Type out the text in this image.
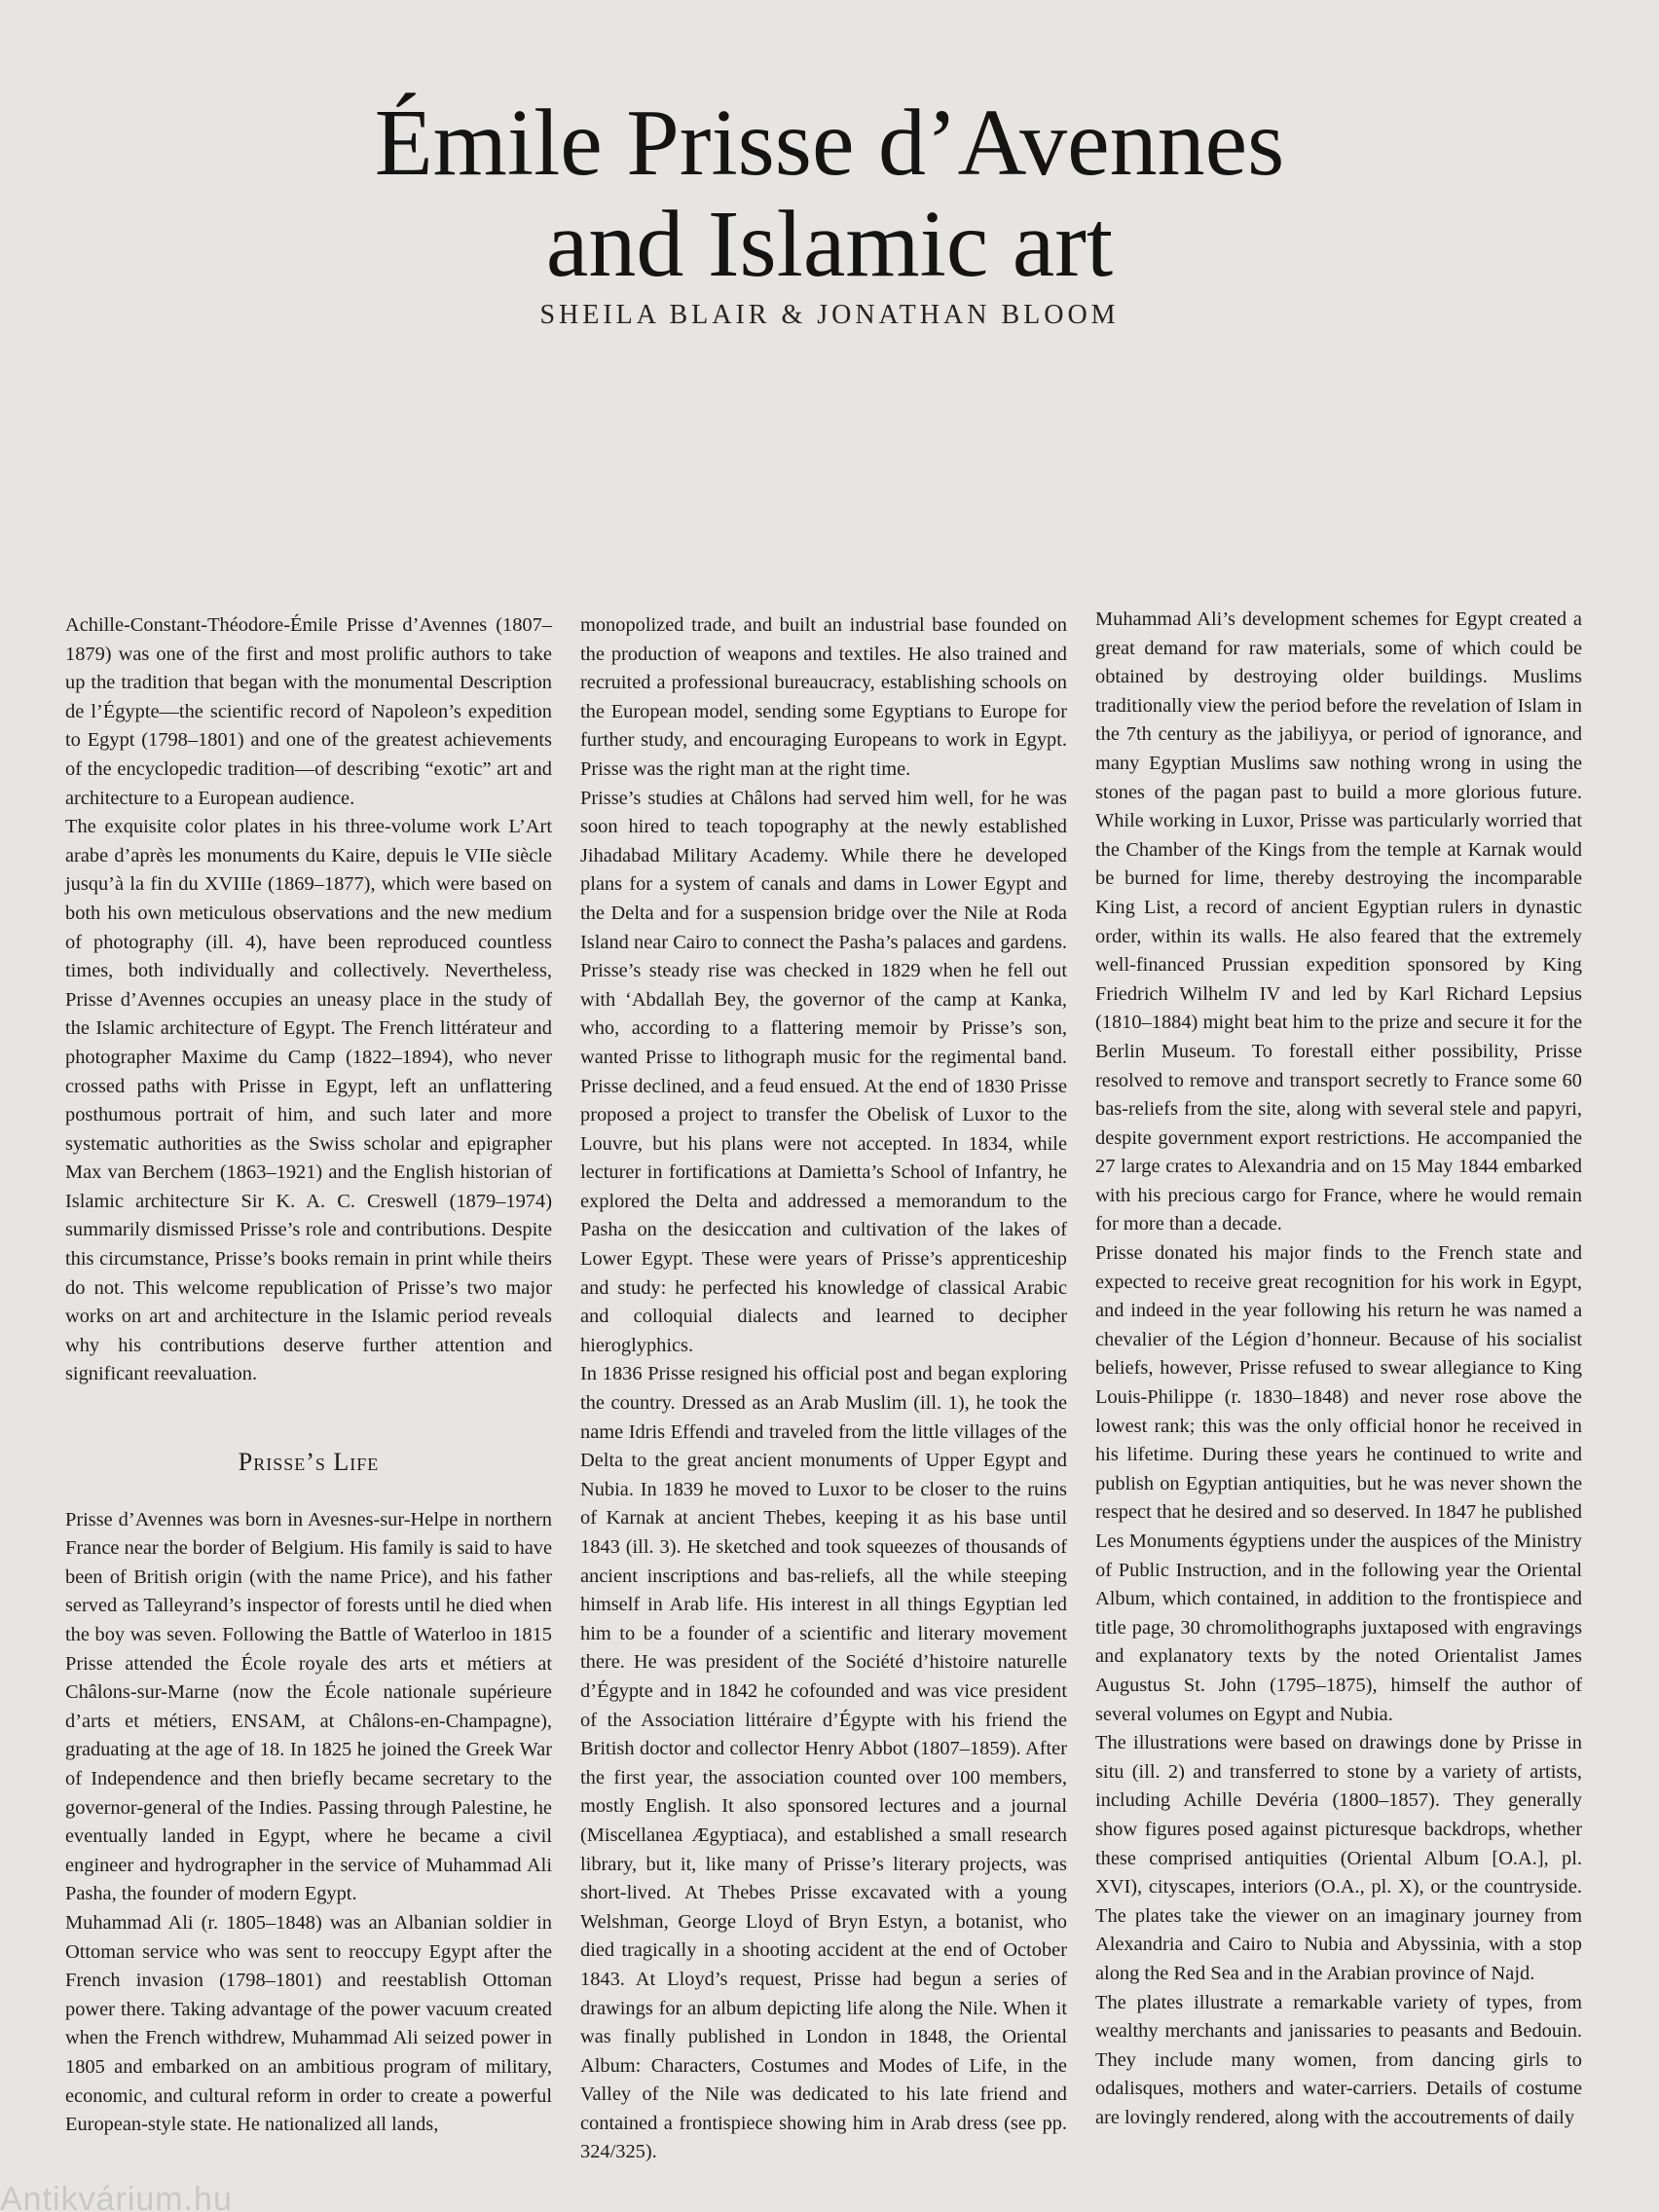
Émile Prisse d’Avennes
and Islamic art
SHEILA BLAIR & JONATHAN BLOOM

Achille-Constant-Théodore-Émile Prisse d’Avennes (1807–1879) was one of the first and most prolific authors to take up the tradition that began with the monumental Description de l’Égypte—the scientific record of Napoleon’s expedition to Egypt (1798–1801) and one of the greatest achievements of the encyclopedic tradition—of describing “exotic” art and architecture to a European audience.

The exquisite color plates in his three-volume work L’Art arabe d’après les monuments du Kaire, depuis le VIIe siècle jusqu’à la fin du XVIIIe (1869–1877), which were based on both his own meticulous observations and the new medium of photography (ill. 4), have been reproduced countless times, both individually and collectively. Nevertheless, Prisse d’Avennes occupies an uneasy place in the study of the Islamic architecture of Egypt. The French littérateur and photographer Maxime du Camp (1822–1894), who never crossed paths with Prisse in Egypt, left an unflattering posthumous portrait of him, and such later and more systematic authorities as the Swiss scholar and epigrapher Max van Berchem (1863–1921) and the English historian of Islamic architecture Sir K. A. C. Creswell (1879–1974) summarily dismissed Prisse’s role and contributions. Despite this circumstance, Prisse’s books remain in print while theirs do not. This welcome republication of Prisse’s two major works on art and architecture in the Islamic period reveals why his contributions deserve further attention and significant reevaluation.

Prisse’s Life

Prisse d’Avennes was born in Avesnes-sur-Helpe in northern France near the border of Belgium. His family is said to have been of British origin (with the name Price), and his father served as Talleyrand’s inspector of forests until he died when the boy was seven. Following the Battle of Waterloo in 1815 Prisse attended the École royale des arts et métiers at Châlons-sur-Marne (now the École nationale supérieure d’arts et métiers, ENSAM, at Châlons-en-Champagne), graduating at the age of 18. In 1825 he joined the Greek War of Independence and then briefly became secretary to the governor-general of the Indies. Passing through Palestine, he eventually landed in Egypt, where he became a civil engineer and hydrographer in the service of Muhammad Ali Pasha, the founder of modern Egypt.

Muhammad Ali (r. 1805–1848) was an Albanian soldier in Ottoman service who was sent to reoccupy Egypt after the French invasion (1798–1801) and reestablish Ottoman power there. Taking advantage of the power vacuum created when the French withdrew, Muhammad Ali seized power in 1805 and embarked on an ambitious program of military, economic, and cultural reform in order to create a powerful European-style state. He nationalized all lands,

monopolized trade, and built an industrial base founded on the production of weapons and textiles. He also trained and recruited a professional bureaucracy, establishing schools on the European model, sending some Egyptians to Europe for further study, and encouraging Europeans to work in Egypt. Prisse was the right man at the right time.

Prisse’s studies at Châlons had served him well, for he was soon hired to teach topography at the newly established Jihadabad Military Academy. While there he developed plans for a system of canals and dams in Lower Egypt and the Delta and for a suspension bridge over the Nile at Roda Island near Cairo to connect the Pasha’s palaces and gardens. Prisse’s steady rise was checked in 1829 when he fell out with ‘Abdallah Bey, the governor of the camp at Kanka, who, according to a flattering memoir by Prisse’s son, wanted Prisse to lithograph music for the regimental band. Prisse declined, and a feud ensued. At the end of 1830 Prisse proposed a project to transfer the Obelisk of Luxor to the Louvre, but his plans were not accepted. In 1834, while lecturer in fortifications at Damietta’s School of Infantry, he explored the Delta and addressed a memorandum to the Pasha on the desiccation and cultivation of the lakes of Lower Egypt. These were years of Prisse’s apprenticeship and study: he perfected his knowledge of classical Arabic and colloquial dialects and learned to decipher hieroglyphics.

In 1836 Prisse resigned his official post and began exploring the country. Dressed as an Arab Muslim (ill. 1), he took the name Idris Effendi and traveled from the little villages of the Delta to the great ancient monuments of Upper Egypt and Nubia. In 1839 he moved to Luxor to be closer to the ruins of Karnak at ancient Thebes, keeping it as his base until 1843 (ill. 3). He sketched and took squeezes of thousands of ancient inscriptions and bas-reliefs, all the while steeping himself in Arab life. His interest in all things Egyptian led him to be a founder of a scientific and literary movement there. He was president of the Société d’histoire naturelle d’Égypte and in 1842 he cofounded and was vice president of the Association littéraire d’Égypte with his friend the British doctor and collector Henry Abbot (1807–1859). After the first year, the association counted over 100 members, mostly English. It also sponsored lectures and a journal (Miscellanea Ægyptiaca), and established a small research library, but it, like many of Prisse’s literary projects, was short-lived. At Thebes Prisse excavated with a young Welshman, George Lloyd of Bryn Estyn, a botanist, who died tragically in a shooting accident at the end of October 1843. At Lloyd’s request, Prisse had begun a series of drawings for an album depicting life along the Nile. When it was finally published in London in 1848, the Oriental Album: Characters, Costumes and Modes of Life, in the Valley of the Nile was dedicated to his late friend and contained a frontispiece showing him in Arab dress (see pp. 324/325).

Muhammad Ali’s development schemes for Egypt created a great demand for raw materials, some of which could be obtained by destroying older buildings. Muslims traditionally view the period before the revelation of Islam in the 7th century as the jabiliyya, or period of ignorance, and many Egyptian Muslims saw nothing wrong in using the stones of the pagan past to build a more glorious future. While working in Luxor, Prisse was particularly worried that the Chamber of the Kings from the temple at Karnak would be burned for lime, thereby destroying the incomparable King List, a record of ancient Egyptian rulers in dynastic order, within its walls. He also feared that the extremely well-financed Prussian expedition sponsored by King Friedrich Wilhelm IV and led by Karl Richard Lepsius (1810–1884) might beat him to the prize and secure it for the Berlin Museum. To forestall either possibility, Prisse resolved to remove and transport secretly to France some 60 bas-reliefs from the site, along with several stele and papyri, despite government export restrictions. He accompanied the 27 large crates to Alexandria and on 15 May 1844 embarked with his precious cargo for France, where he would remain for more than a decade.

Prisse donated his major finds to the French state and expected to receive great recognition for his work in Egypt, and indeed in the year following his return he was named a chevalier of the Légion d’honneur. Because of his socialist beliefs, however, Prisse refused to swear allegiance to King Louis-Philippe (r. 1830–1848) and never rose above the lowest rank; this was the only official honor he received in his lifetime. During these years he continued to write and publish on Egyptian antiquities, but he was never shown the respect that he desired and so deserved. In 1847 he published Les Monuments égyptiens under the auspices of the Ministry of Public Instruction, and in the following year the Oriental Album, which contained, in addition to the frontispiece and title page, 30 chromolithographs juxtaposed with engravings and explanatory texts by the noted Orientalist James Augustus St. John (1795–1875), himself the author of several volumes on Egypt and Nubia.

The illustrations were based on drawings done by Prisse in situ (ill. 2) and transferred to stone by a variety of artists, including Achille Devéria (1800–1857). They generally show figures posed against picturesque backdrops, whether these comprised antiquities (Oriental Album [O.A.], pl. XVI), cityscapes, interiors (O.A., pl. X), or the countryside. The plates take the viewer on an imaginary journey from Alexandria and Cairo to Nubia and Abyssinia, with a stop along the Red Sea and in the Arabian province of Najd.

The plates illustrate a remarkable variety of types, from wealthy merchants and janissaries to peasants and Bedouin. They include many women, from dancing girls to odalisques, mothers and water-carriers. Details of costume are lovingly rendered, along with the accoutrements of daily

Antikvárium.hu
